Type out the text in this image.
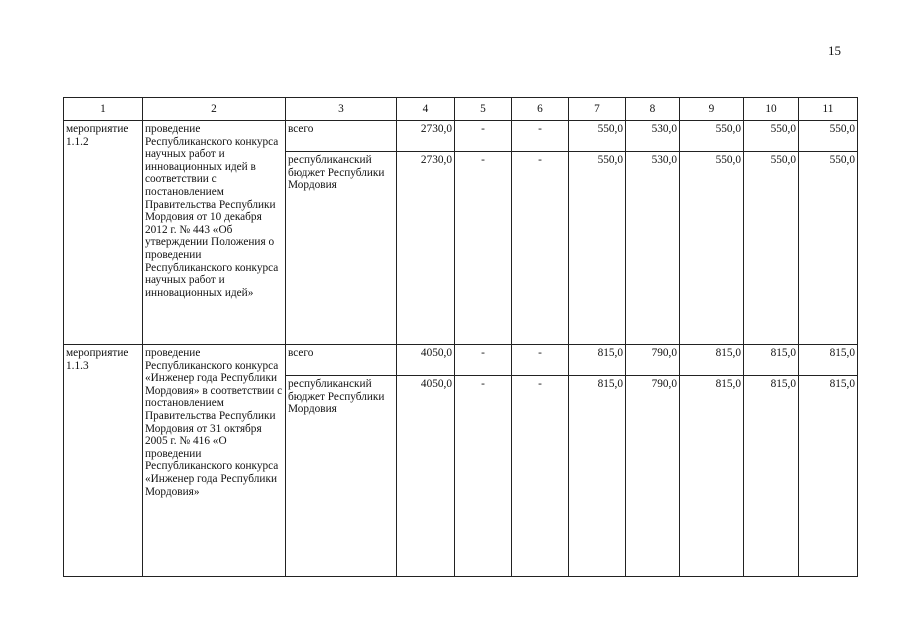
15
1	2	3	4	5	6	7	8	9	10	11
мероприятие 1.1.2	проведение Республиканского конкурса научных работ и инновационных идей в соответствии с постановлением Правительства Республики Мордовия от 10 декабря 2012 г. № 443 «Об утверждении Положения о проведении Республиканского конкурса научных работ и инновационных идей»	всего	2730,0	-	-	550,0	530,0	550,0	550,0	550,0
		республиканский бюджет Республики Мордовия	2730,0	-	-	550,0	530,0	550,0	550,0	550,0
мероприятие 1.1.3	проведение Республиканского конкурса «Инженер года Республики Мордовия» в соответствии с постановлением Правительства Республики Мордовия от 31 октября 2005 г. № 416 «О проведении Республиканского конкурса «Инженер года Республики Мордовия»	всего	4050,0	-	-	815,0	790,0	815,0	815,0	815,0
		республиканский бюджет Республики Мордовия	4050,0	-	-	815,0	790,0	815,0	815,0	815,0
